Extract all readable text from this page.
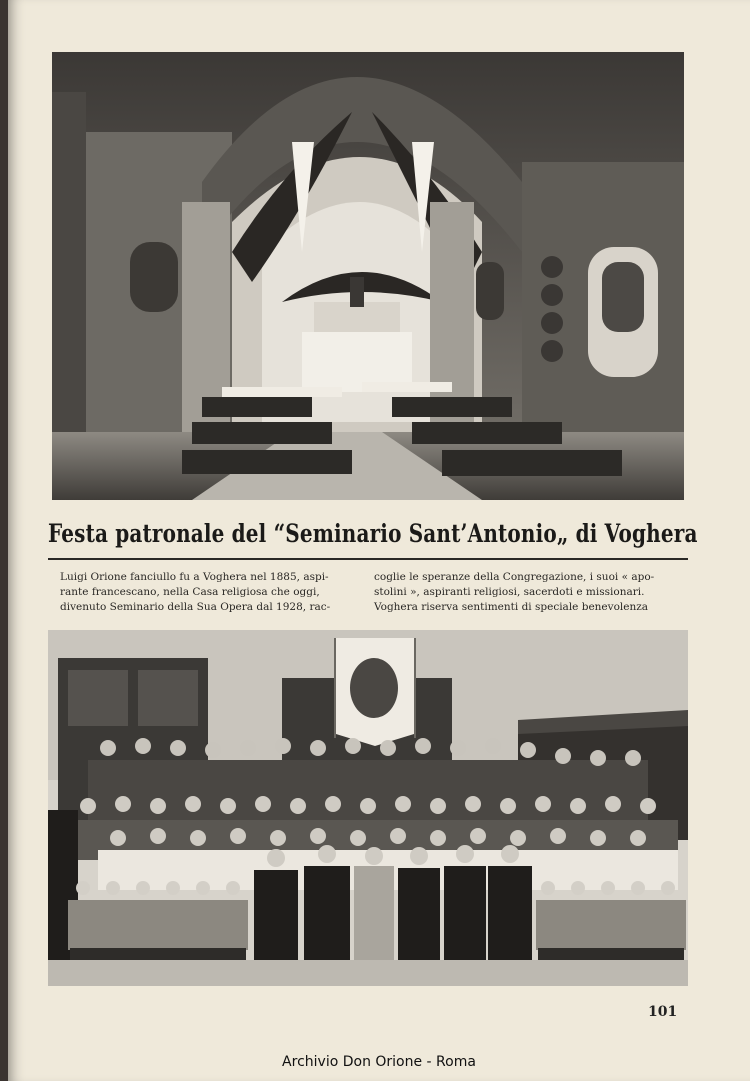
Festa patronale del “Seminario Sant’Antonio„ di Voghera

Luigi Orione fanciullo fu a Voghera nel 1885, aspi-
rante francescano, nella Casa religiosa che oggi,
divenuto Seminario della Sua Opera dal 1928, rac-

coglie le speranze della Congregazione, i suoi « apo-
stolini », aspiranti religiosi, sacerdoti e missionari.
Voghera riserva sentimenti di speciale benevolenza

101
Archivio Don Orione - Roma
